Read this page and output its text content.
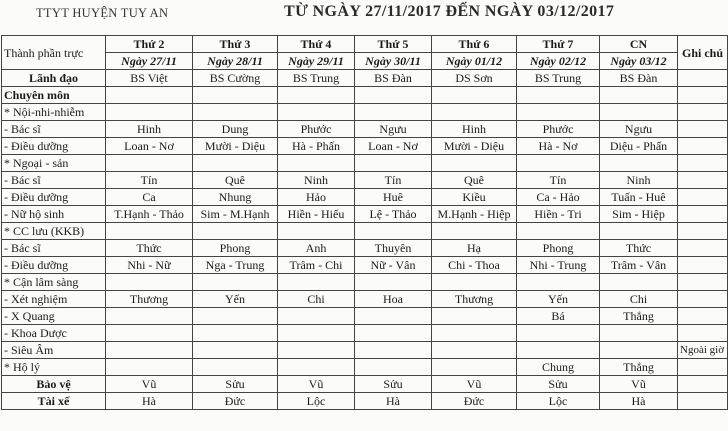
TTYT HUYỆN TUY AN	TỪ NGÀY 27/11/2017 ĐẾN NGÀY 03/12/2017
Thành phần trực	Thứ 2	Thứ 3	Thứ 4	Thứ 5	Thứ 6	Thứ 7	CN	Ghi chú
	Ngày 27/11	Ngày 28/11	Ngày 29/11	Ngày 30/11	Ngày 01/12	Ngày 02/12	Ngày 03/12	
Lãnh đạo	BS Việt	BS Cường	BS Trung	BS Đàn	DS Sơn	BS Trung	BS Đàn	
Chuyên môn								
* Nội-nhi-nhiễm								
- Bác sĩ	Hinh	Dung	Phước	Ngưu	Hinh	Phước	Ngưu	
- Điều dưỡng	Loan - Nơ	Mười - Diệu	Hà - Phấn	Loan - Nơ	Mười - Diệu	Hà - Nơ	Diệu - Phấn	
* Ngoại - sản								
- Bác sĩ	Tín	Quê	Ninh	Tín	Quê	Tín	Ninh	
- Điều dưỡng	Ca	Nhung	Hảo	Huê	Kiều	Ca - Hảo	Tuấn - Huê	
- Nữ hộ sinh	T.Hạnh - Thảo	Sim - M.Hạnh	Hiền - Hiếu	Lệ - Thảo	M.Hạnh - Hiệp	Hiền - Tri	Sim - Hiệp	
* CC lưu (KKB)								
- Bác sĩ	Thức	Phong	Anh	Thuyên	Hạ	Phong	Thức	
- Điều dưỡng	Nhi - Nữ	Nga - Trung	Trâm - Chi	Nữ - Vân	Chi - Thoa	Nhi - Trung	Trâm - Vân	
* Cận lâm sàng								
- Xét nghiệm	Thương	Yến	Chi	Hoa	Thương	Yến	Chi	
- X Quang						Bá	Thắng	
- Khoa Dược								
- Siêu Âm								Ngoài giờ
* Hộ lý						Chung	Thắng	
Bảo vệ	Vũ	Sửu	Vũ	Sửu	Vũ	Sửu	Vũ	
Tài xế	Hà	Đức	Lộc	Hà	Đức	Lộc	Hà	
